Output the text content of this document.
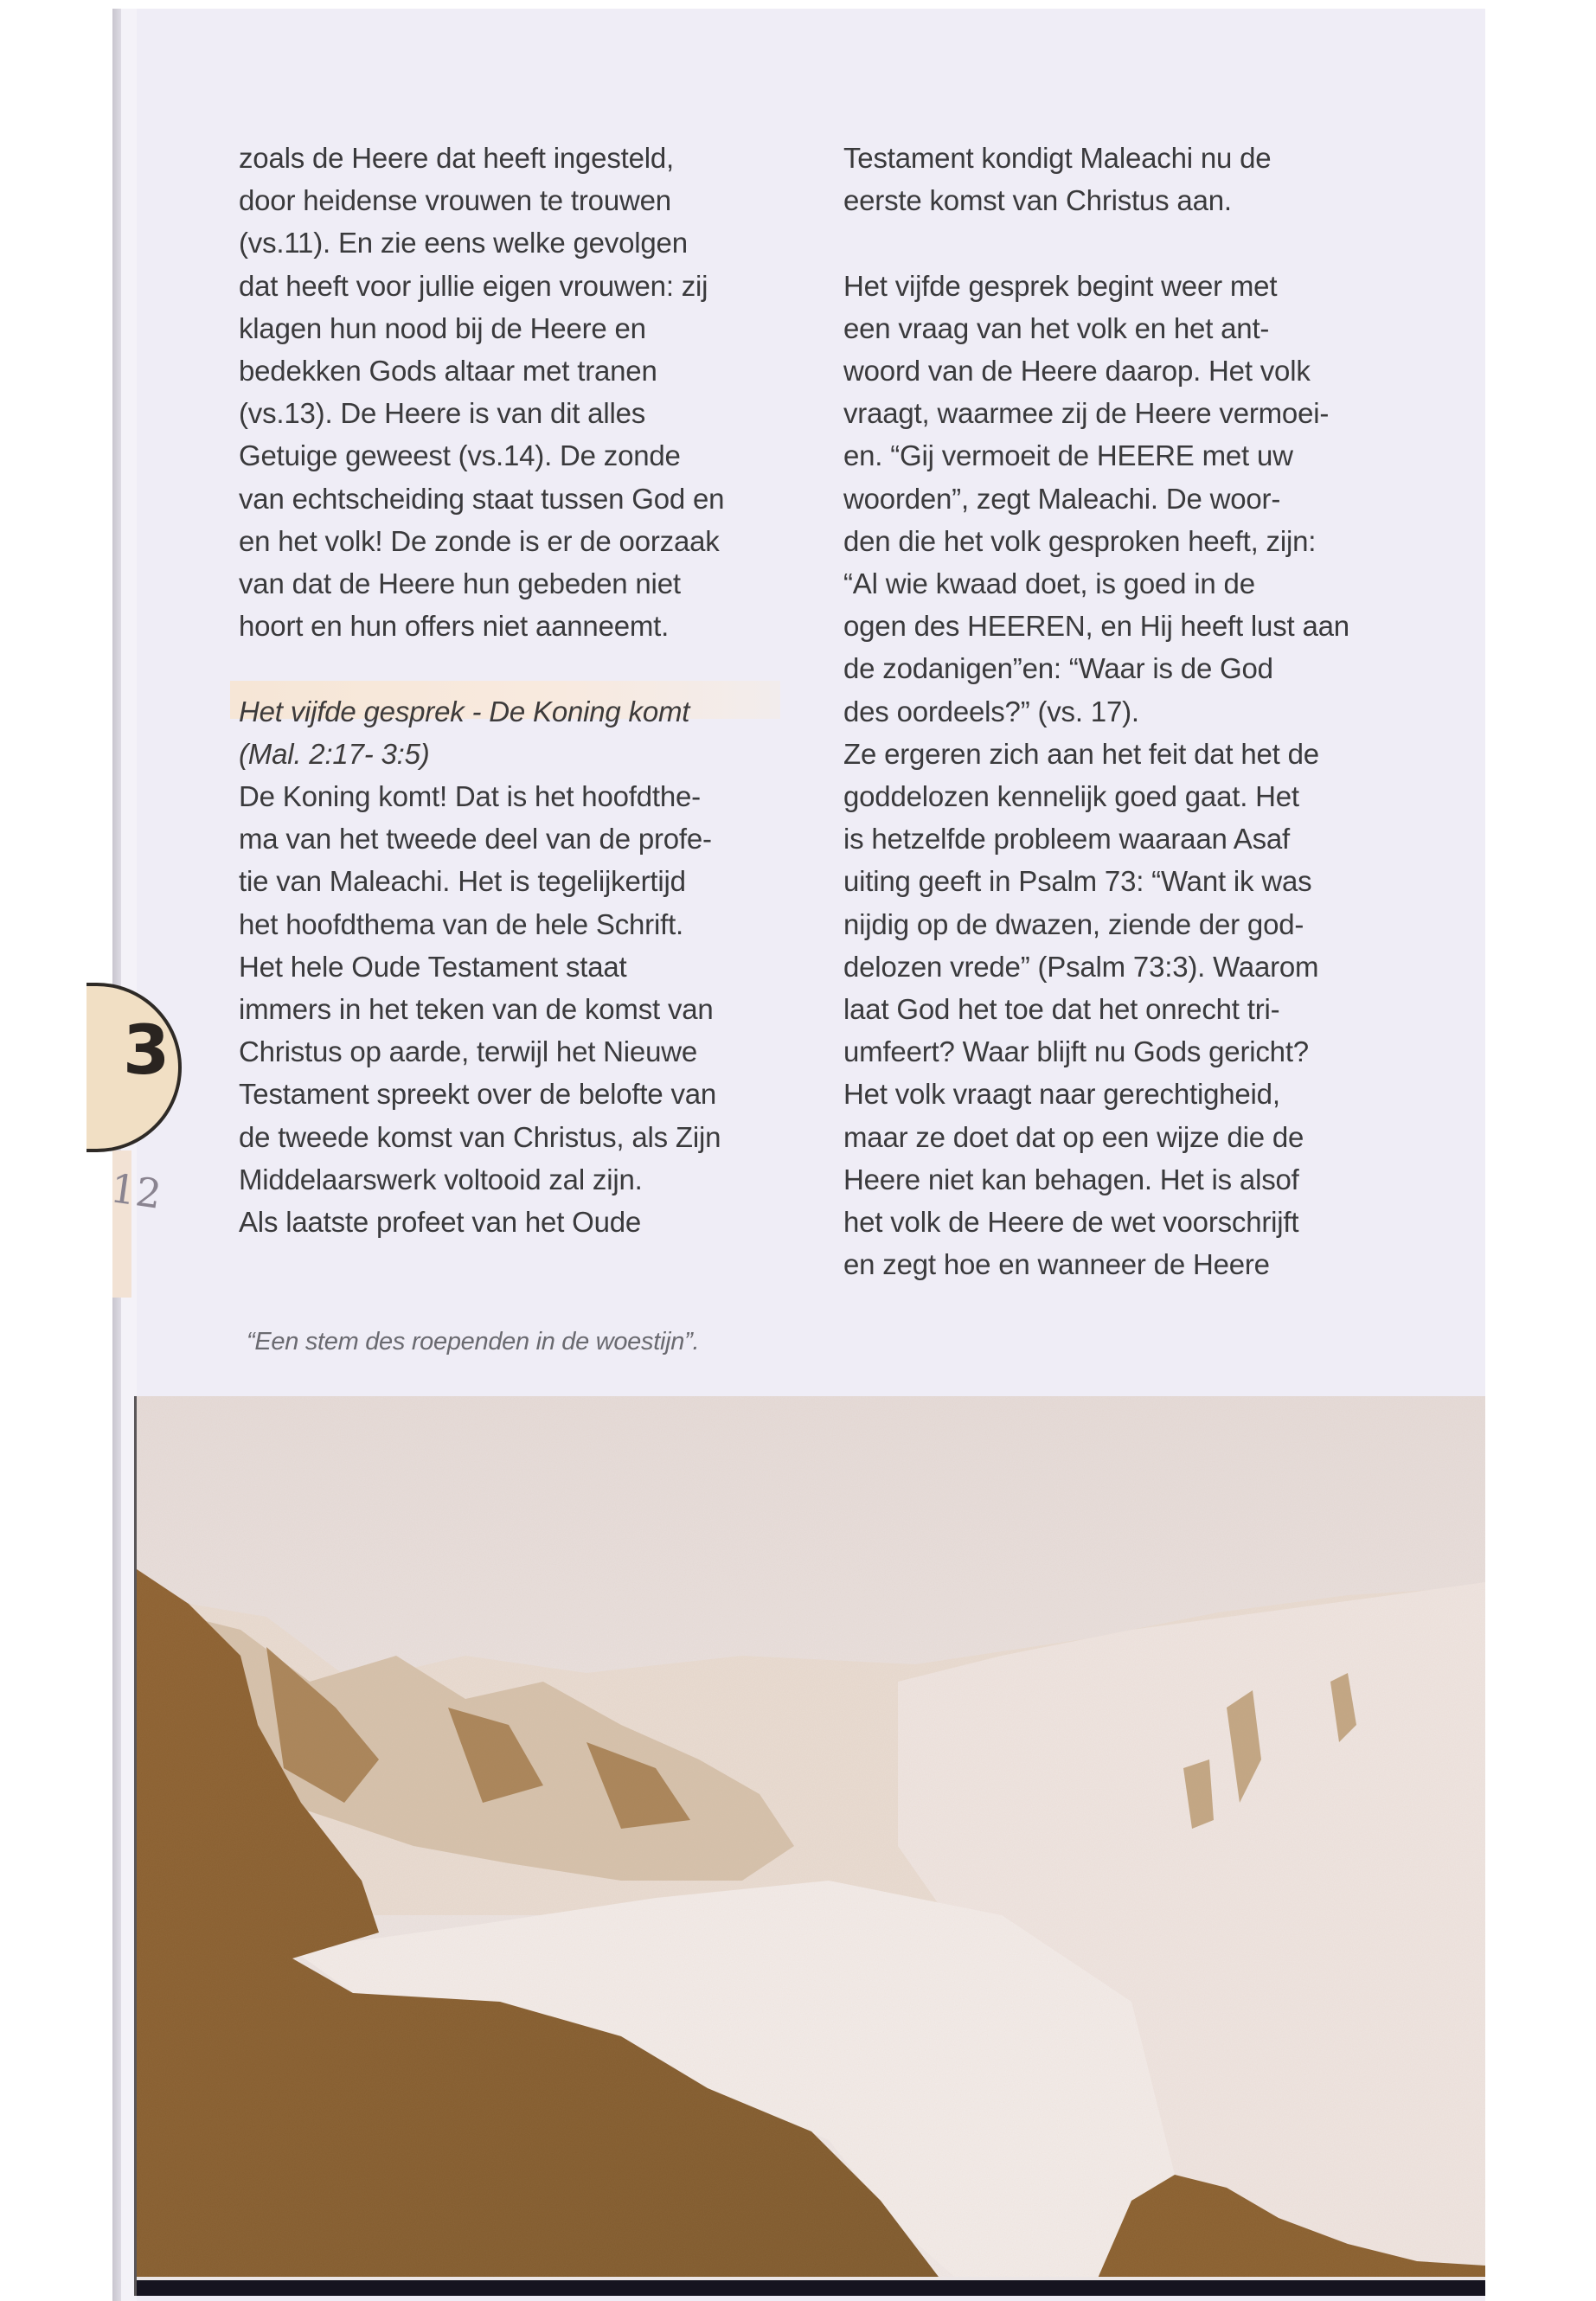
12
3
zoals de Heere dat heeft ingesteld,
door heidense vrouwen te trouwen
(vs.11). En zie eens welke gevolgen
dat heeft voor jullie eigen vrouwen: zij
klagen hun nood bij de Heere en
bedekken Gods altaar met tranen
(vs.13). De Heere is van dit alles
Getuige geweest (vs.14). De zonde
van echtscheiding staat tussen God en
en het volk! De zonde is er de oorzaak
van dat de Heere hun gebeden niet
hoort en hun offers niet aanneemt.
Het vijfde gesprek - De Koning komt
(Mal. 2:17- 3:5)
De Koning komt! Dat is het hoofdthe-
ma van het tweede deel van de profe-
tie van Maleachi. Het is tegelijkertijd
het hoofdthema van de hele Schrift.
Het hele Oude Testament staat
immers in het teken van de komst van
Christus op aarde, terwijl het Nieuwe
Testament spreekt over de belofte van
de tweede komst van Christus, als Zijn
Middelaarswerk voltooid zal zijn.
Als laatste profeet van het Oude
Testament kondigt Maleachi nu de
eerste komst van Christus aan.
Het vijfde gesprek begint weer met
een vraag van het volk en het ant-
woord van de Heere daarop. Het volk
vraagt, waarmee zij de Heere vermoei-
en. “Gij vermoeit de HEERE met uw
woorden”, zegt Maleachi. De woor-
den die het volk gesproken heeft, zijn:
“Al wie kwaad doet, is goed in de
ogen des HEEREN, en Hij heeft lust aan
de zodanigen”en: “Waar is de God
des oordeels?” (vs. 17).
Ze ergeren zich aan het feit dat het de
goddelozen kennelijk goed gaat. Het
is hetzelfde probleem waaraan Asaf
uiting geeft in Psalm 73: “Want ik was
nijdig op de dwazen, ziende der god-
delozen vrede” (Psalm 73:3). Waarom
laat God het toe dat het onrecht tri-
umfeert? Waar blijft nu Gods gericht?
Het volk vraagt naar gerechtigheid,
maar ze doet dat op een wijze die de
Heere niet kan behagen. Het is alsof
het volk de Heere de wet voorschrijft
en zegt hoe en wanneer de Heere
“Een stem des roependen in de woestijn”.
